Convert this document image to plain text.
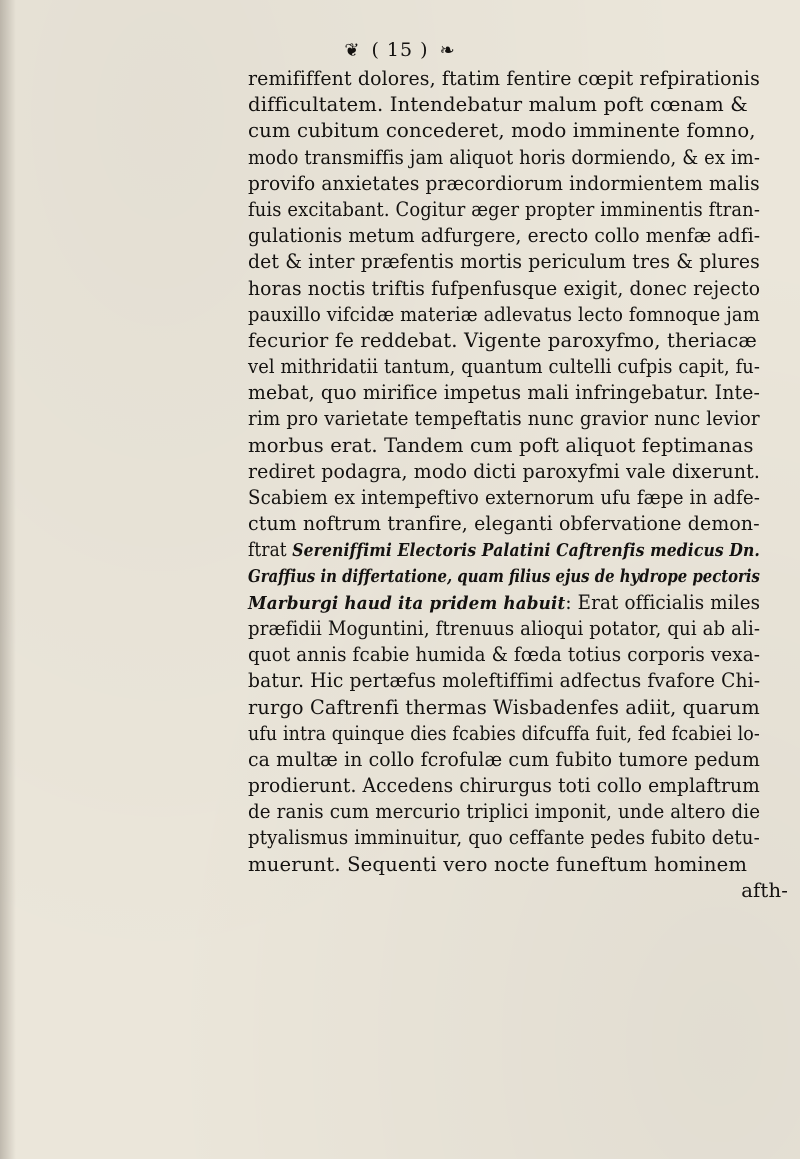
❦ ( 15 ) ❧
remififfent dolores, ftatim fentire cœpit refpirationis
difficultatem. Intendebatur malum poft cœnam &
cum cubitum concederet, modo imminente fomno,
modo transmiffis jam aliquot horis dormiendo, & ex im-
provifo anxietates præcordiorum indormientem malis
fuis excitabant. Cogitur æger propter imminentis ftran-
gulationis metum adfurgere, erecto collo menfæ adfi-
det & inter præfentis mortis periculum tres & plures
horas noctis triftis fufpenfusque exigit, donec rejecto
pauxillo vifcidæ materiæ adlevatus lecto fomnoque jam
fecurior fe reddebat. Vigente paroxyfmo, theriacæ
vel mithridatii tantum, quantum cultelli cufpis capit, fu-
mebat, quo mirifice impetus mali infringebatur. Inte-
rim pro varietate tempeftatis nunc gravior nunc levior
morbus erat. Tandem cum poft aliquot feptimanas
rediret podagra, modo dicti paroxyfmi vale dixerunt.
Scabiem ex intempeftivo externorum ufu fæpe in adfe-
ctum noftrum tranfire, eleganti obfervatione demon-
ftrat Sereniffimi Electoris Palatini Caftrenfis medicus Dn.
Graffius in differtatione, quam filius ejus de hydrope pectoris
Marburgi haud ita pridem habuit: Erat officialis miles
præfidii Moguntini, ftrenuus alioqui potator, qui ab ali-
quot annis fcabie humida & fœda totius corporis vexa-
batur. Hic pertæfus moleftiffimi adfectus fvafore Chi-
rurgo Caftrenfi thermas Wisbadenfes adiit, quarum
ufu intra quinque dies fcabies difcuffa fuit, fed fcabiei lo-
ca multæ in collo fcrofulæ cum fubito tumore pedum
prodierunt. Accedens chirurgus toti collo emplaftrum
de ranis cum mercurio triplici imponit, unde altero die
ptyalismus imminuitur, quo ceffante pedes fubito detu-
muerunt. Sequenti vero nocte funeftum hominem
afth-
